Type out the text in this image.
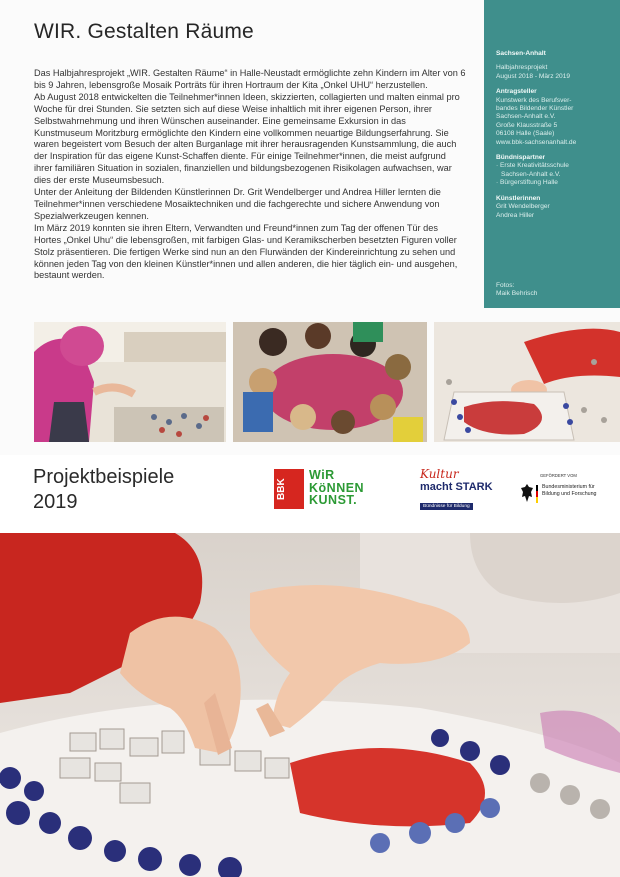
WIR. Gestalten Räume

Das Halbjahresprojekt „WIR. Gestalten Räume“ in Halle-Neustadt ermöglichte zehn Kindern im Alter von 6 bis 9 Jahren, lebensgroße Mosaik Porträts für ihren Hortraum der Kita „Onkel UHU“ herzustellen.

Ab August 2018 entwickelten die Teilnehmer*innen Ideen, skizzierten, collagierten und malten einmal pro Woche für drei Stunden. Sie setzten sich auf diese Weise inhaltlich mit ihrer eigenen Person, ihrer Selbstwahrnehmung und ihren Wünschen auseinander. Eine gemeinsame Exkursion in das Kunstmuseum Moritzburg ermöglichte den Kindern eine vollkommen neuartige Bildungserfahrung. Sie waren begeistert vom Besuch der alten Burganlage mit ihrer herausragenden Kunstsammlung, die auch der Inspiration für das eigene Kunst-Schaffen diente. Für einige Teilnehmer*innen, die meist aufgrund ihrer familiären Situation in sozialen, finanziellen und bildungsbezogenen Risikolagen aufwachsen, war dies der erste Museumsbesuch.

Unter der Anleitung der Bildenden Künstlerinnen Dr. Grit Wendelberger und Andrea Hiller lernten die Teilnehmer*innen verschiedene Mosaiktechniken und die fachgerechte und sichere Anwendung von Spezialwerkzeugen kennen.

Im März 2019 konnten sie ihren Eltern, Verwandten und Freund*innen zum Tag der offenen Tür des Hortes „Onkel Uhu“ die lebensgroßen, mit farbigen Glas- und Keramikscherben besetzten Figuren voller Stolz präsentieren. Die fertigen Werke sind nun an den Flurwänden der Kindereinrichtung zu sehen und können jeden Tag von den kleinen Künstler*innen und allen anderen, die hier täglich ein- und ausgehen, bestaunt werden.

Sachsen-Anhalt
Halbjahresprojekt
August 2018 - März 2019
Antragsteller
Kunstwerk des Berufsver-
bandes Bildender Künstler
Sachsen-Anhalt e.V.
Große Klausstraße 5
06108 Halle (Saale)
www.bbk-sachsenanhalt.de
Bündnispartner
· Erste Kreativitätsschule
Sachsen-Anhalt e.V.
· Bürgerstiftung Halle
Künstlerinnen
Grit Wendelberger
Andrea Hiller
Fotos:
Maik Behrisch
Projektbeispiele
2019
BBK
WiR
KöNNEN
KUNST.
Kultur
macht STARK
Bündnisse für Bildung
GEFÖRDERT VOM
Bundesministerium für Bildung und Forschung
